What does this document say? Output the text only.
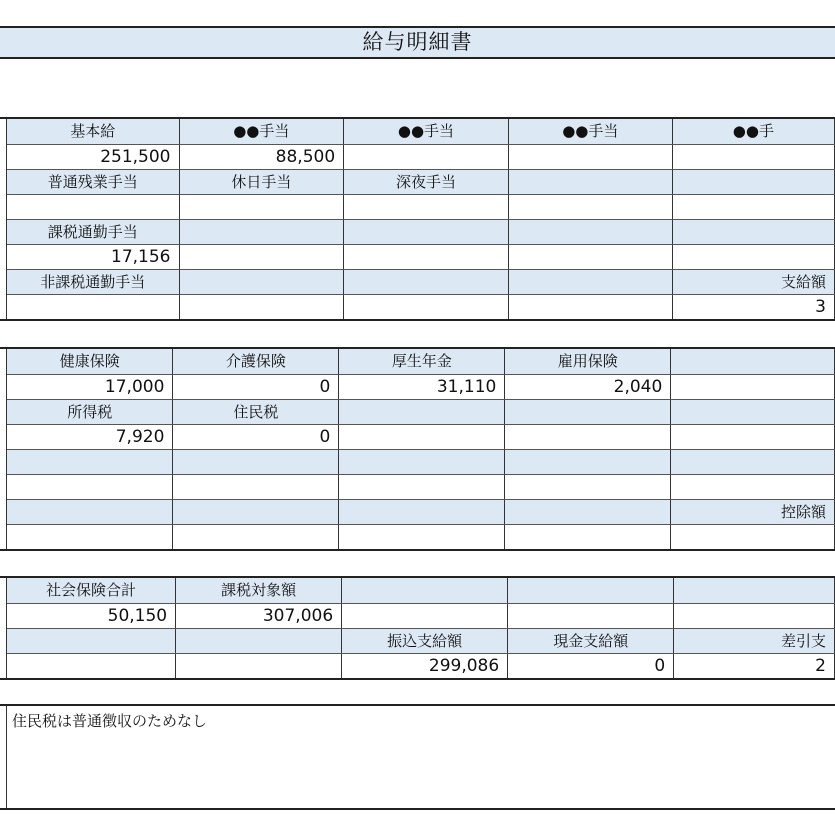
給与明細書
基本給	●●手当	●●手当	●●手当	●●手
251,500	88,500			
普通残業手当	休日手当	深夜手当		

課税通勤手当				
17,156				
非課税通勤手当				支給額
				3
健康保険	介護保険	厚生年金	雇用保険	
17,000	0	31,110	2,040	
所得税	住民税			
7,920	0			

				控除額

社会保険合計	課税対象額			
50,150	307,006			
		振込支給額	現金支給額	差引支
		299,086	0	2
住民税は普通徴収のためなし
